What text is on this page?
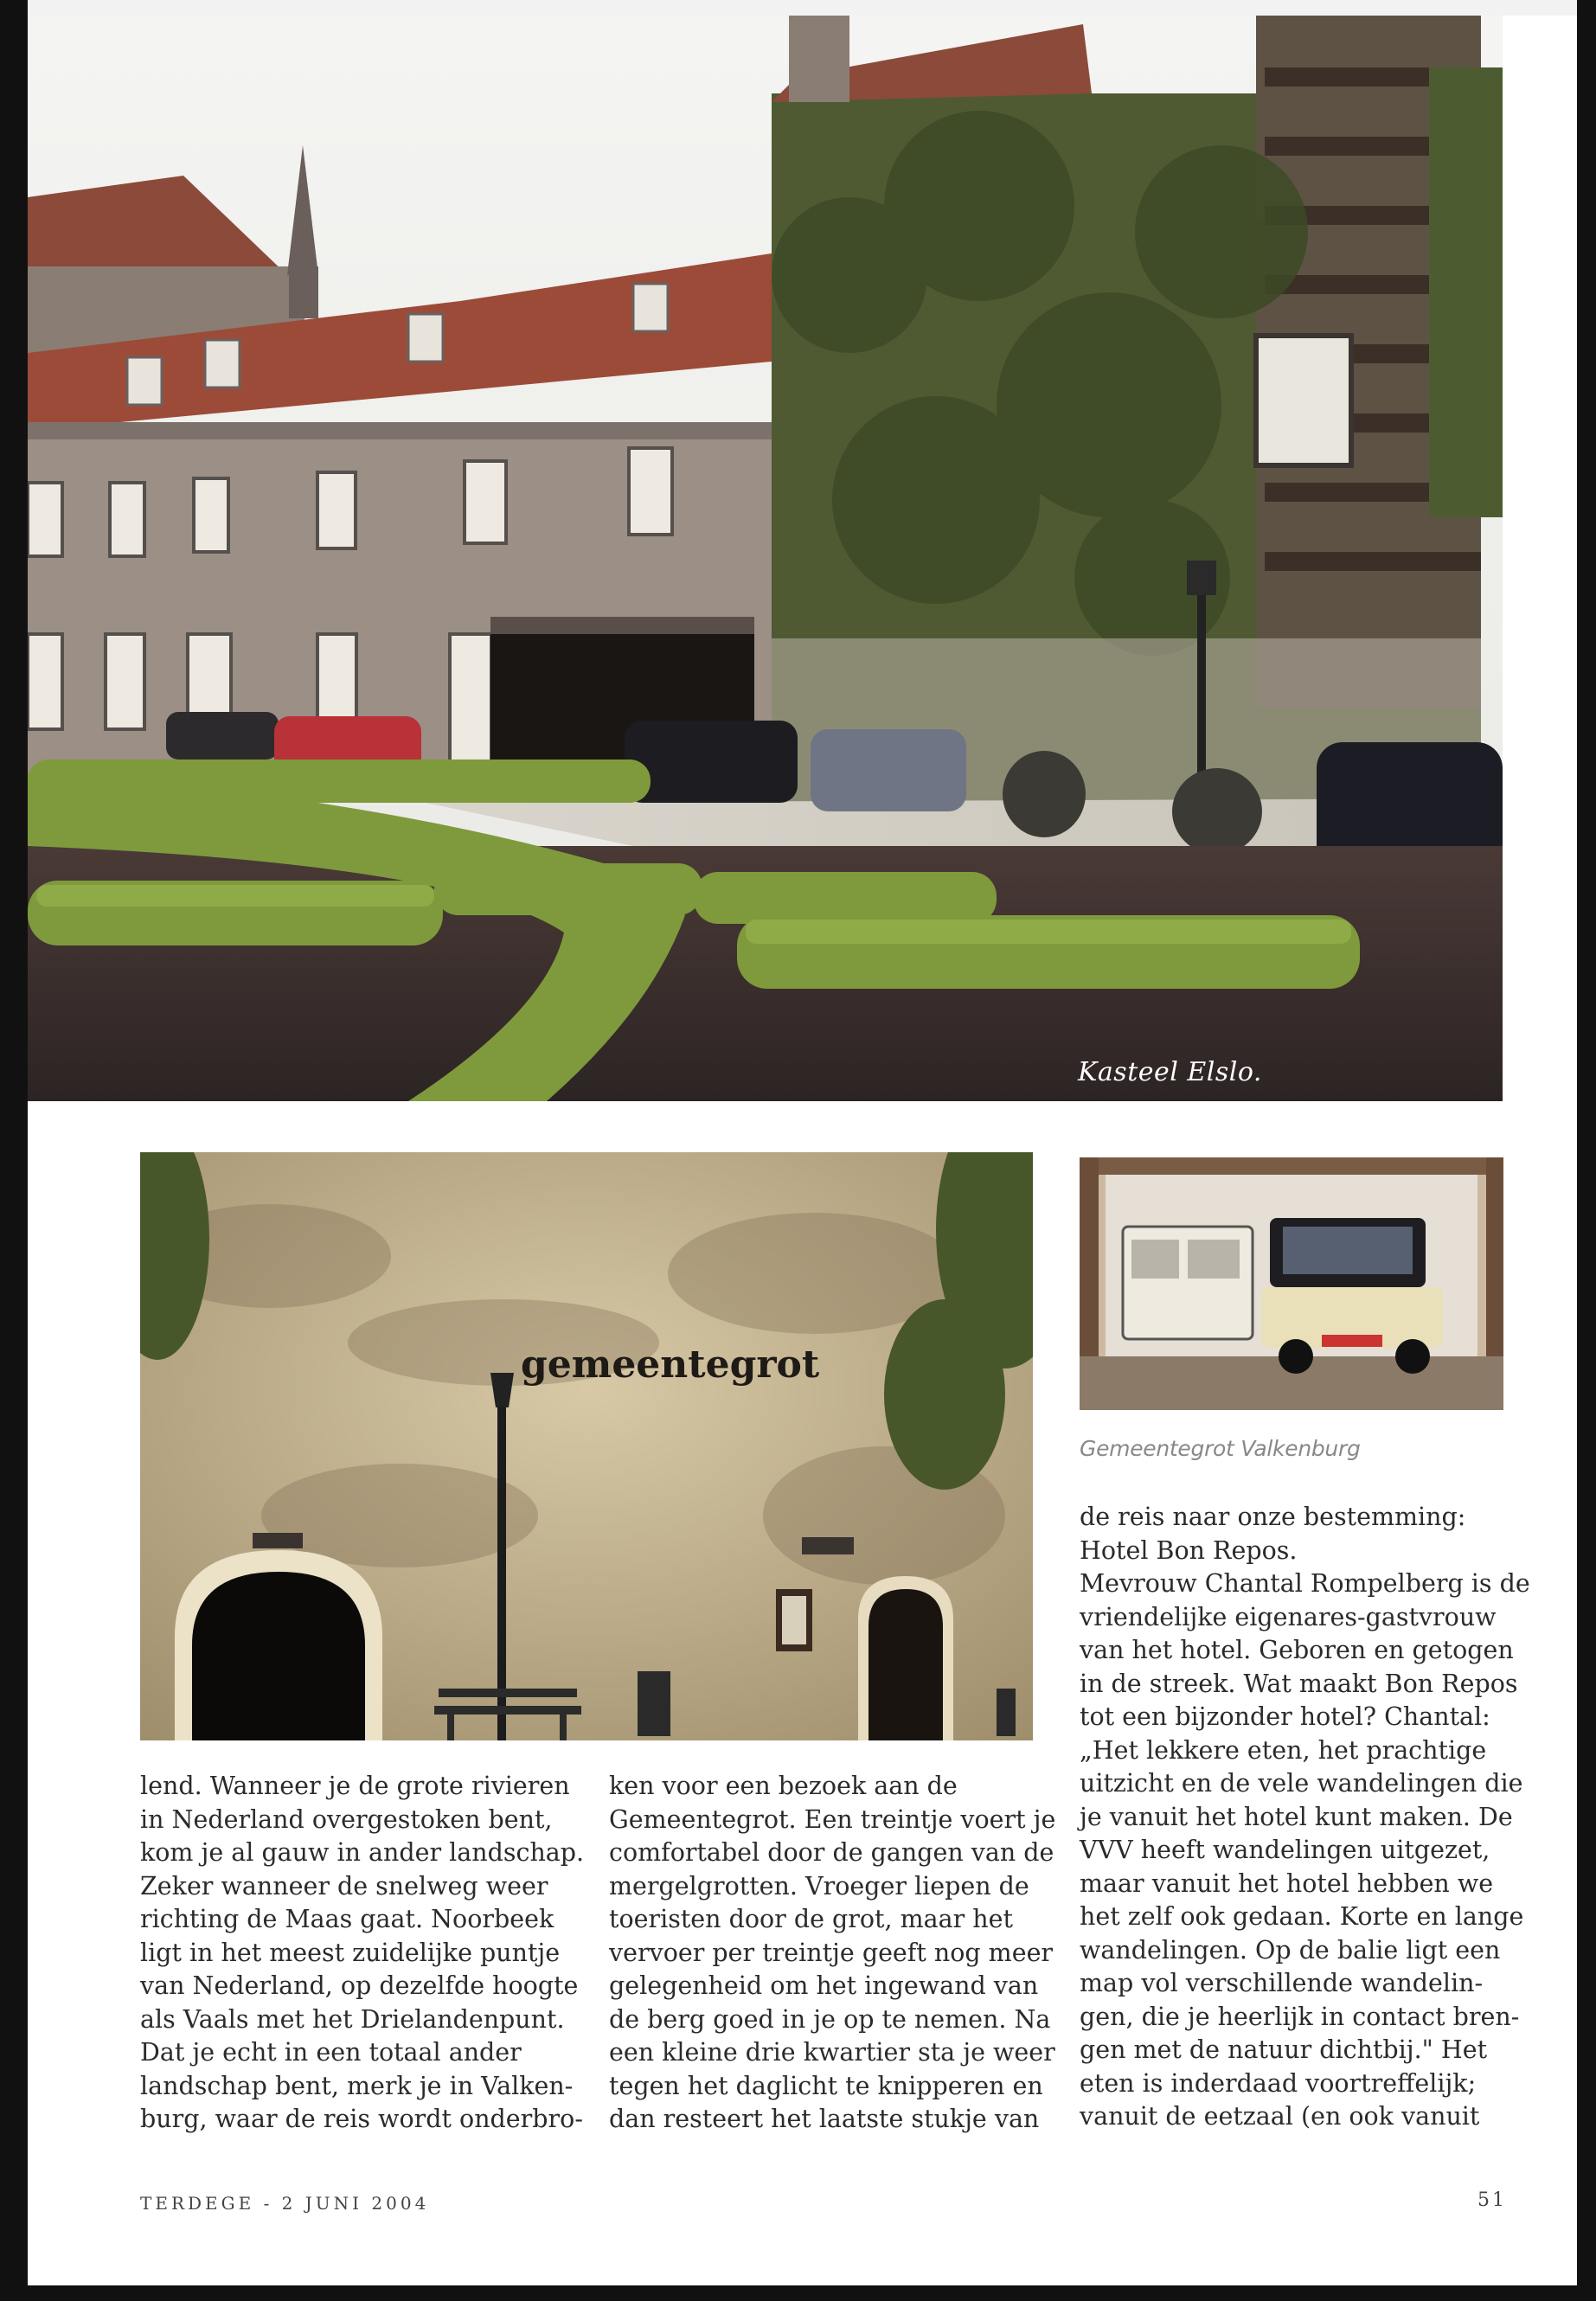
Kasteel Elslo.
gemeentegrot
Gemeentegrot Valkenburg

lend. Wanneer je de grote rivieren

in Nederland overgestoken bent,

kom je al gauw in ander landschap.

Zeker wanneer de snelweg weer

richting de Maas gaat. Noorbeek

ligt in het meest zuidelijke puntje

van Nederland, op dezelfde hoogte

als Vaals met het Drielandenpunt.

Dat je echt in een totaal ander

landschap bent, merk je in Valken-

burg, waar de reis wordt onderbro-

ken voor een bezoek aan de

Gemeentegrot. Een treintje voert je

comfortabel door de gangen van de

mergelgrotten. Vroeger liepen de

toeristen door de grot, maar het

vervoer per treintje geeft nog meer

gelegenheid om het ingewand van

de berg goed in je op te nemen. Na

een kleine drie kwartier sta je weer

tegen het daglicht te knipperen en

dan resteert het laatste stukje van

de reis naar onze bestemming:

Hotel Bon Repos.

Mevrouw Chantal Rompelberg is de

vriendelijke eigenares-gastvrouw

van het hotel. Geboren en getogen

in de streek. Wat maakt Bon Repos

tot een bijzonder hotel? Chantal:

„Het lekkere eten, het prachtige

uitzicht en de vele wandelingen die

je vanuit het hotel kunt maken. De

VVV heeft wandelingen uitgezet,

maar vanuit het hotel hebben we

het zelf ook gedaan. Korte en lange

wandelingen. Op de balie ligt een

map vol verschillende wandelin-

gen, die je heerlijk in contact bren-

gen met de natuur dichtbij." Het

eten is inderdaad voortreffelijk;

vanuit de eetzaal (en ook vanuit

TERDEGE - 2 JUNI 2004	51
